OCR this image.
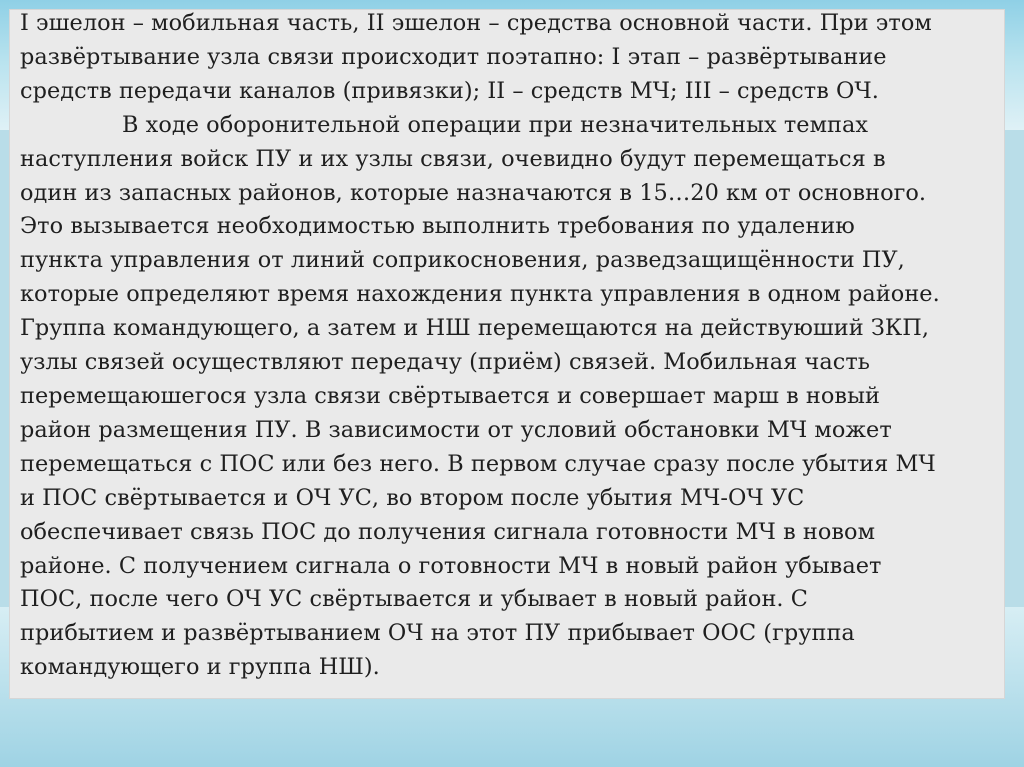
I эшелон – мобильная часть, II эшелон – средства основной части. При этом
развёртывание узла связи происходит поэтапно: I этап – развёртывание
средств передачи каналов (привязки); II – средств МЧ; III – средств ОЧ.

В ходе оборонительной операции при незначительных темпах
наступления войск ПУ и их узлы связи, очевидно будут перемещаться в
один из запасных районов, которые назначаются в 15…20 км от основного.
Это вызывается необходимостью выполнить требования по удалению
пункта управления от линий соприкосновения, разведзащищённости ПУ,
которые определяют время нахождения пункта управления в одном районе.
Группа командующего, а затем и НШ перемещаются на действуюший ЗКП,
узлы связей осуществляют передачу (приём) связей. Мобильная часть
перемещаюшегося узла связи свёртывается и совершает марш в новый
район размещения ПУ. В зависимости от условий обстановки МЧ может
перемещаться с ПОС или без него. В первом случае сразу после убытия МЧ
и ПОС свёртывается и ОЧ УС, во втором после убытия МЧ-ОЧ УС
обеспечивает связь ПОС до получения сигнала готовности МЧ в новом
районе. С получением сигнала о готовности МЧ в новый район убывает
ПОС, после чего ОЧ УС свёртывается и убывает в новый район. С
прибытием и развёртыванием ОЧ на этот ПУ прибывает ООС (группа
командующего и группа НШ).
